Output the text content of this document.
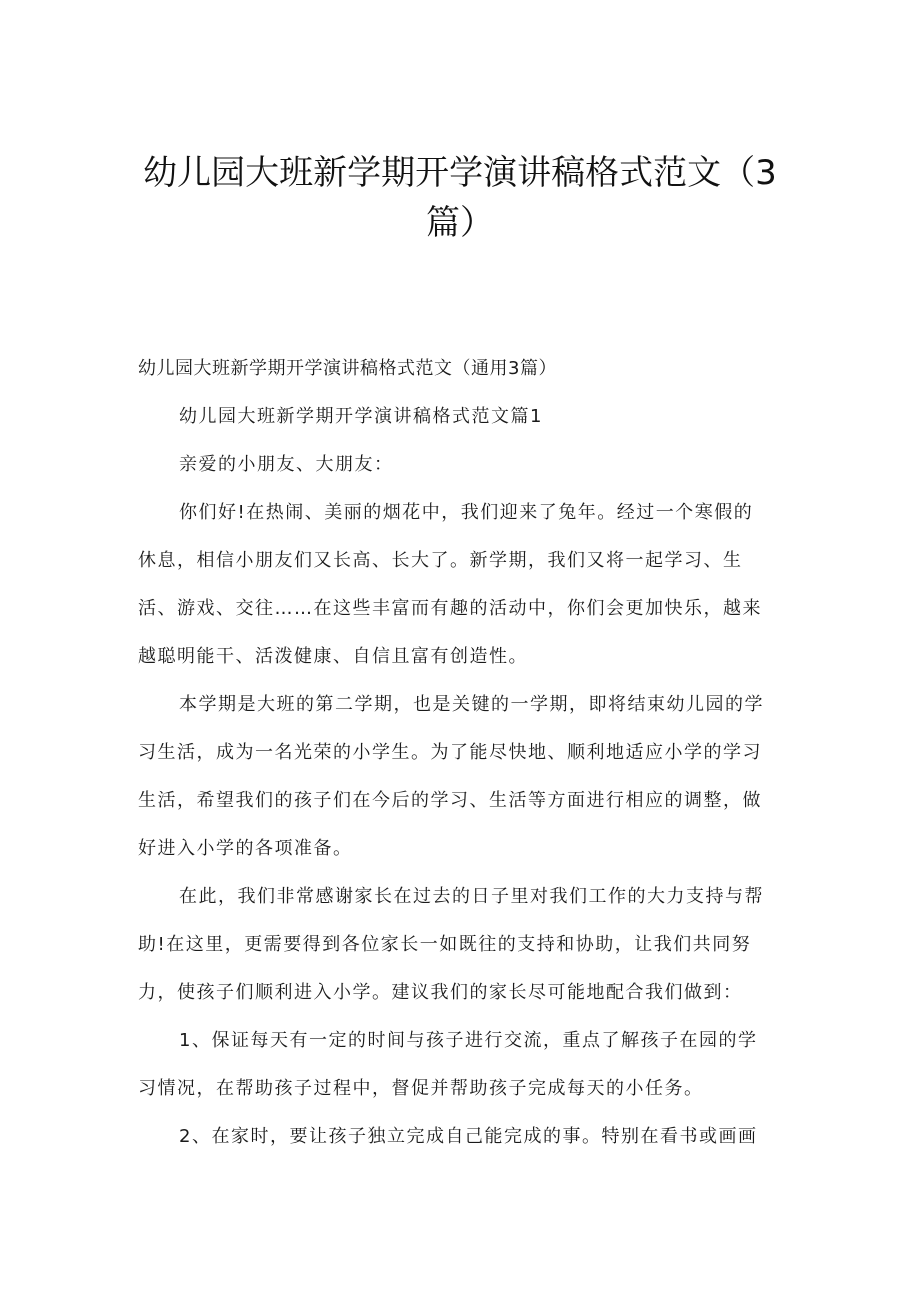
幼儿园大班新学期开学演讲稿格式范文（3
篇）

幼儿园大班新学期开学演讲稿格式范文（通用3篇）

幼儿园大班新学期开学演讲稿格式范文篇1

亲爱的小朋友、大朋友：

你们好!在热闹、美丽的烟花中，我们迎来了兔年。经过一个寒假的
休息，相信小朋友们又长高、长大了。新学期，我们又将一起学习、生
活、游戏、交往……在这些丰富而有趣的活动中，你们会更加快乐，越来
越聪明能干、活泼健康、自信且富有创造性。

本学期是大班的第二学期，也是关键的一学期，即将结束幼儿园的学
习生活，成为一名光荣的小学生。为了能尽快地、顺利地适应小学的学习
生活，希望我们的孩子们在今后的学习、生活等方面进行相应的调整，做
好进入小学的各项准备。

在此，我们非常感谢家长在过去的日子里对我们工作的大力支持与帮
助!在这里，更需要得到各位家长一如既往的支持和协助，让我们共同努
力，使孩子们顺利进入小学。建议我们的家长尽可能地配合我们做到：

1、保证每天有一定的时间与孩子进行交流，重点了解孩子在园的学
习情况，在帮助孩子过程中，督促并帮助孩子完成每天的小任务。

2、在家时，要让孩子独立完成自己能完成的事。特别在看书或画画
